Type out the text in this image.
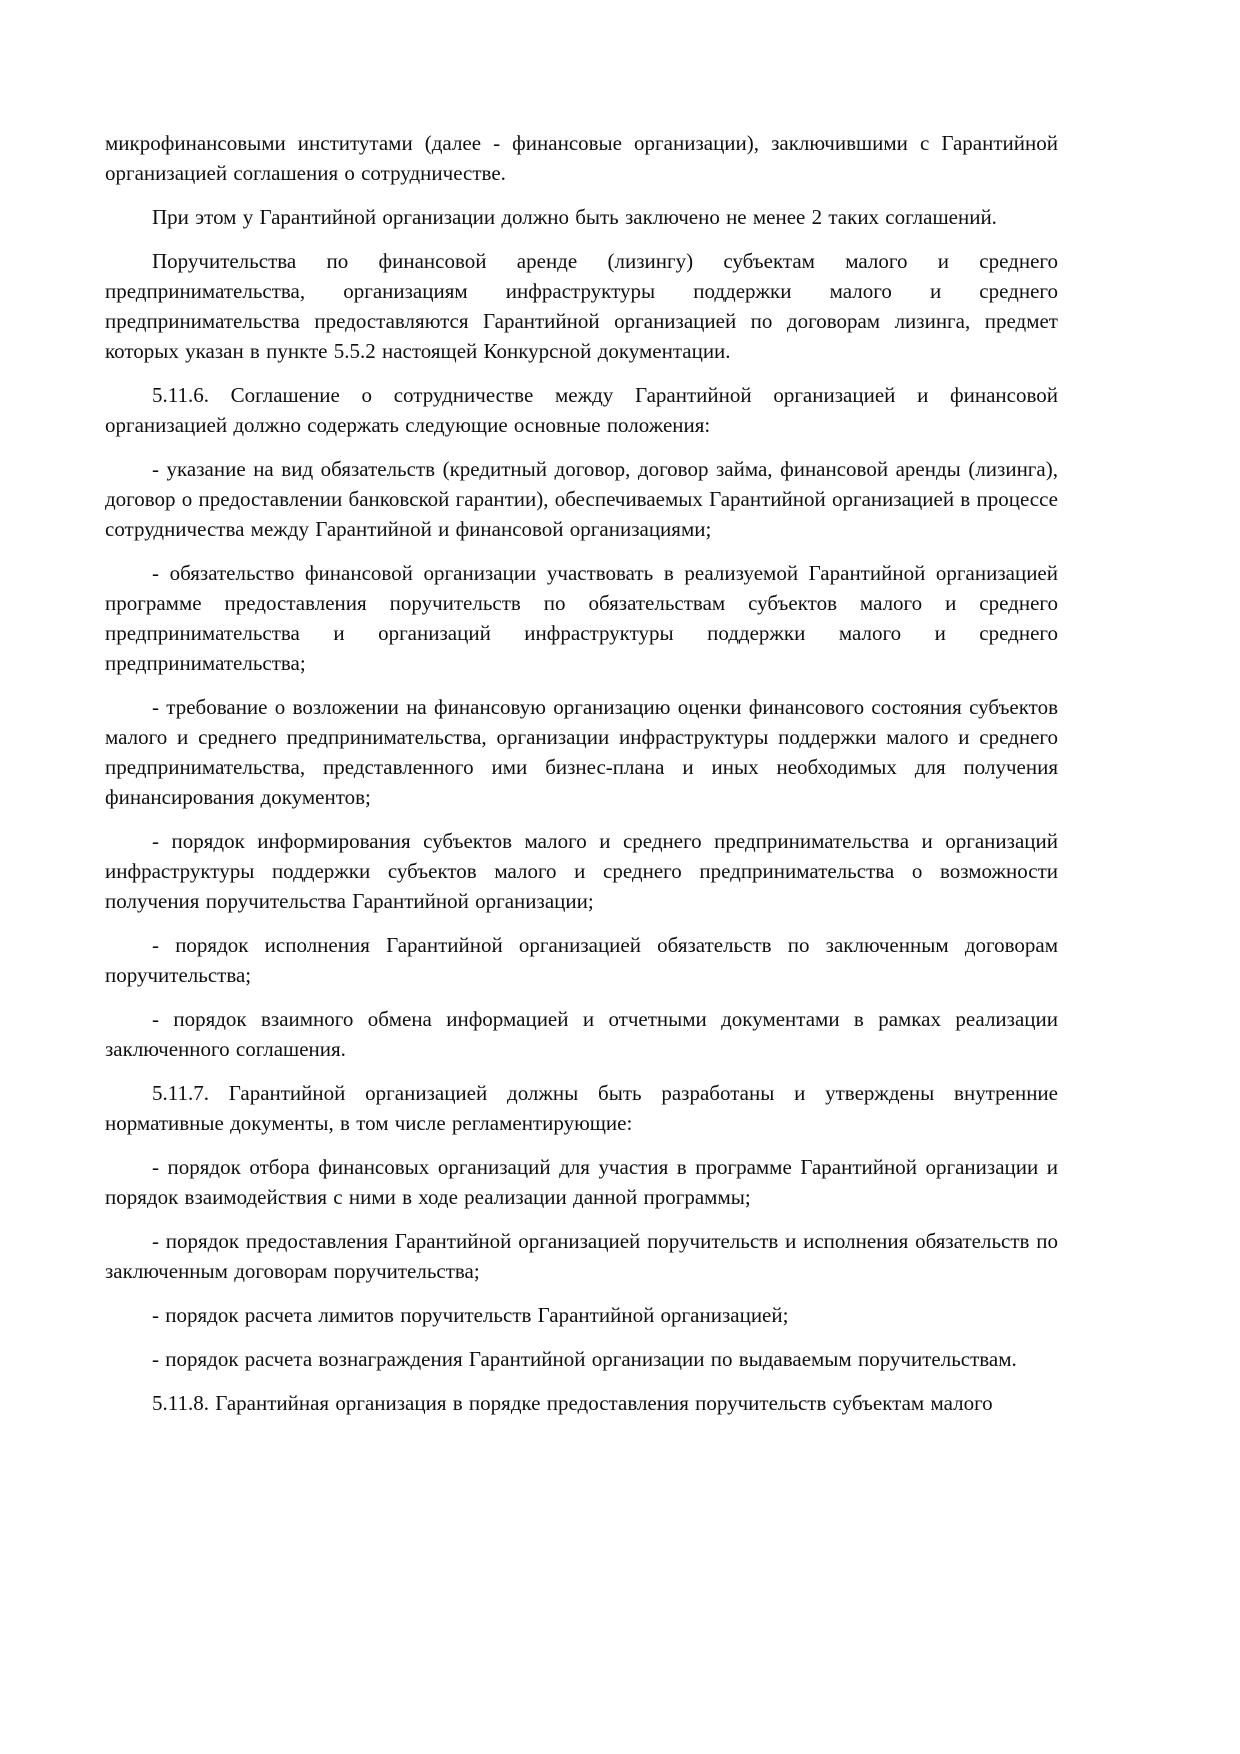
микрофинансовыми институтами (далее - финансовые организации), заключившими с Гарантийной организацией соглашения о сотрудничестве.

При этом у Гарантийной организации должно быть заключено не менее 2 таких соглашений.

Поручительства по финансовой аренде (лизингу) субъектам малого и среднего предпринимательства, организациям инфраструктуры поддержки малого и среднего предпринимательства предоставляются Гарантийной организацией по договорам лизинга, предмет которых указан в пункте 5.5.2 настоящей Конкурсной документации.

5.11.6. Соглашение о сотрудничестве между Гарантийной организацией и финансовой организацией должно содержать следующие основные положения:

- указание на вид обязательств (кредитный договор, договор займа, финансовой аренды (лизинга), договор о предоставлении банковской гарантии), обеспечиваемых Гарантийной организацией в процессе сотрудничества между Гарантийной и финансовой организациями;

- обязательство финансовой организации участвовать в реализуемой Гарантийной организацией программе предоставления поручительств по обязательствам субъектов малого и среднего предпринимательства и организаций инфраструктуры поддержки малого и среднего предпринимательства;

- требование о возложении на финансовую организацию оценки финансового состояния субъектов малого и среднего предпринимательства, организации инфраструктуры поддержки малого и среднего предпринимательства, представленного ими бизнес-плана и иных необходимых для получения финансирования документов;

- порядок информирования субъектов малого и среднего предпринимательства и организаций инфраструктуры поддержки субъектов малого и среднего предпринимательства о возможности получения поручительства Гарантийной организации;

- порядок исполнения Гарантийной организацией обязательств по заключенным договорам поручительства;

- порядок взаимного обмена информацией и отчетными документами в рамках реализации заключенного соглашения.

5.11.7. Гарантийной организацией должны быть разработаны и утверждены внутренние нормативные документы, в том числе регламентирующие:

- порядок отбора финансовых организаций для участия в программе Гарантийной организации и порядок взаимодействия с ними в ходе реализации данной программы;

- порядок предоставления Гарантийной организацией поручительств и исполнения обязательств по заключенным договорам поручительства;

- порядок расчета лимитов поручительств Гарантийной организацией;

- порядок расчета вознаграждения Гарантийной организации по выдаваемым поручительствам.

5.11.8. Гарантийная организация в порядке предоставления поручительств субъектам малого
